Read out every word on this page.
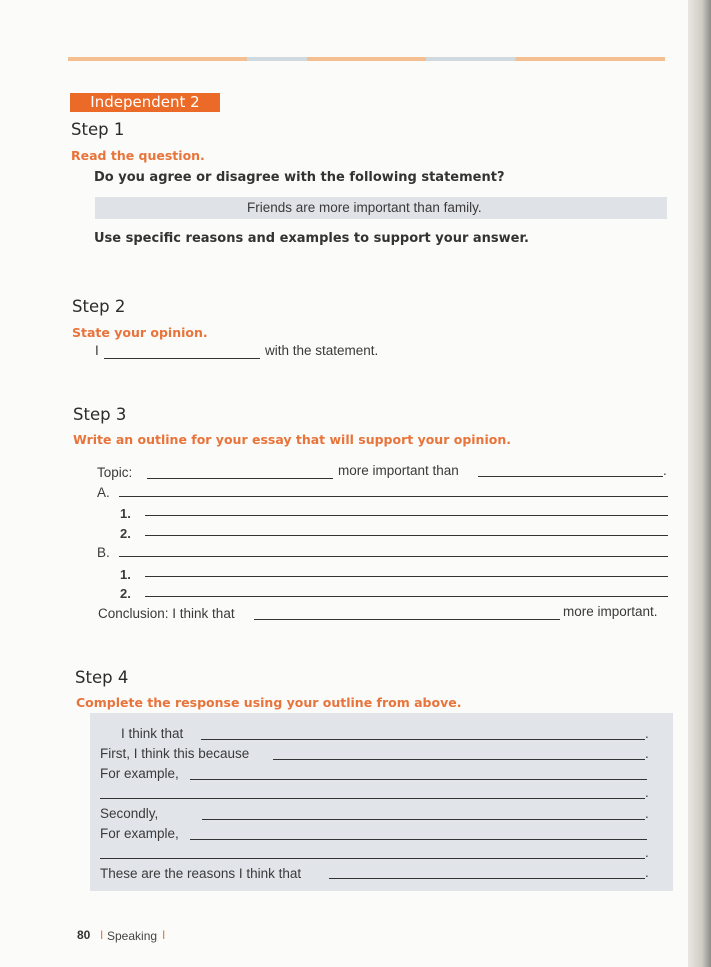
Independent 2
Step 1
Read the question.
Do you agree or disagree with the following statement?
Friends are more important than family.
Use specific reasons and examples to support your answer.
Step 2
State your opinion.
I	with the statement.
Step 3
Write an outline for your essay that will support your opinion.
Topic:	more important than	.
A.
1.
2.
B.
1.
2.
Conclusion: I think that	more important.
Step 4
Complete the response using your outline from above.
I think that	.
First, I think this because	.
For example,
.
Secondly,	.
For example,
.
These are the reasons I think that	.
80 I Speaking I
